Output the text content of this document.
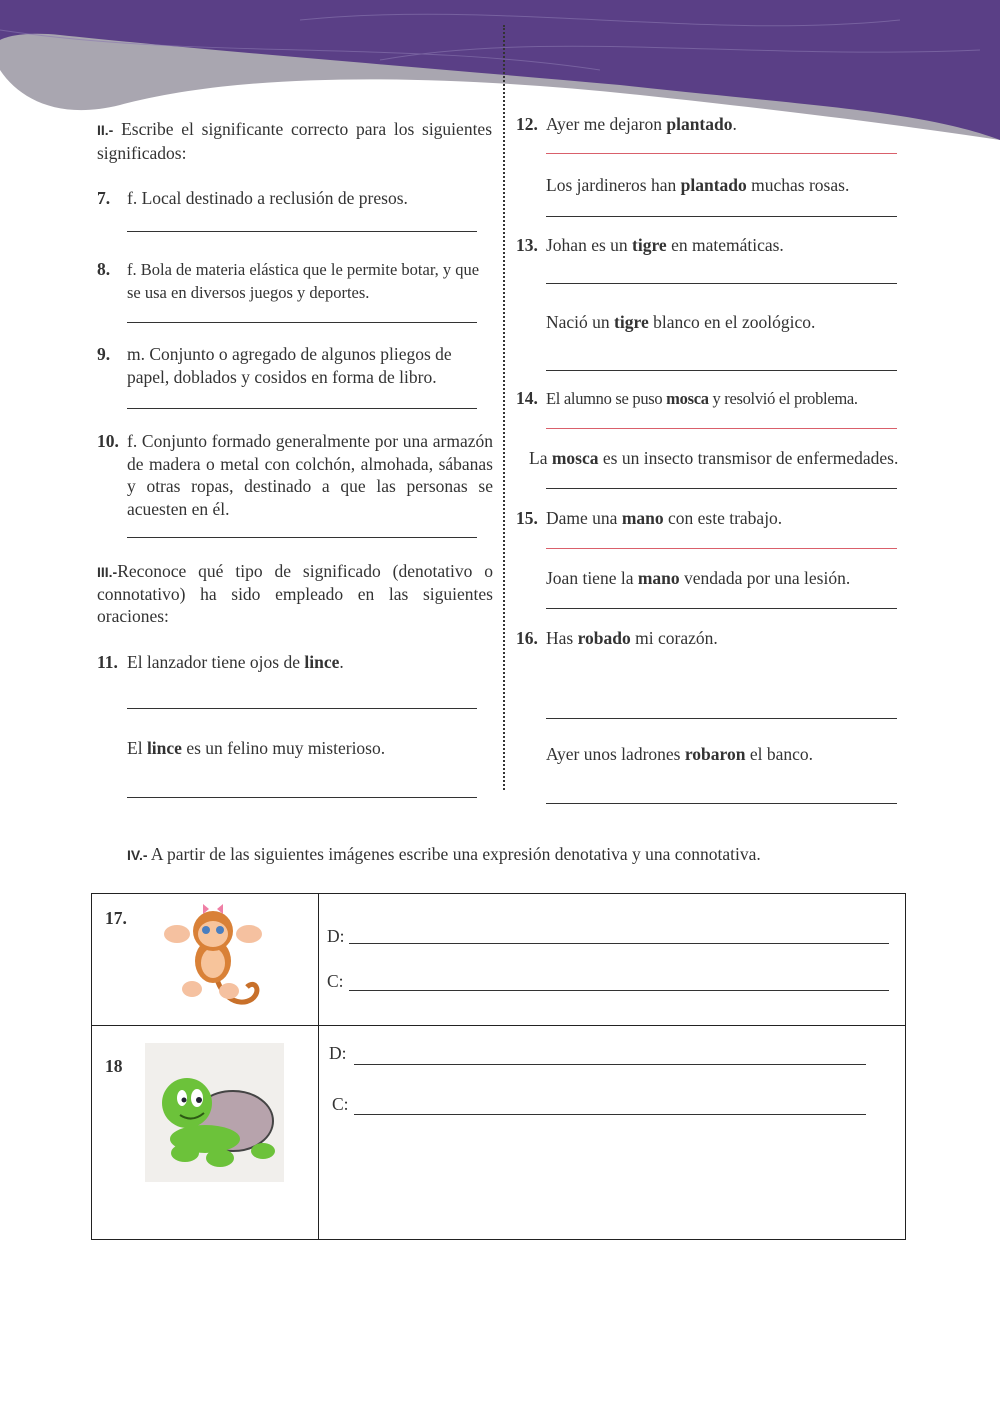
II.- Escribe el significante correcto para los siguientes significados:
7. f. Local destinado a reclusión de presos.
8. f. Bola de materia elástica que le permite botar, y que se usa en diversos juegos y deportes.
9. m. Conjunto o agregado de algunos pliegos de papel, doblados y cosidos en forma de libro.
10. f. Conjunto formado generalmente por una armazón de madera o metal con colchón, almohada, sábanas y otras ropas, destinado a que las personas se acuesten en él.
III.-Reconoce qué tipo de significado (denotativo o connotativo) ha sido empleado en las siguientes oraciones:
11. El lanzador tiene ojos de lince.
El lince es un felino muy misterioso.
12. Ayer me dejaron plantado.
Los jardineros han plantado muchas rosas.
13. Johan es un tigre en matemáticas.
Nació un tigre blanco en el zoológico.
14. El alumno se puso mosca y resolvió el problema.
La mosca es un insecto transmisor de enfermedades.
15. Dame una mano con este trabajo.
Joan tiene la mano vendada por una lesión.
16. Has robado mi corazón.
Ayer unos ladrones robaron el banco.
IV.- A partir de las siguientes imágenes escribe una expresión denotativa y una connotativa.
17.	D:
C:

18	D:
C:
